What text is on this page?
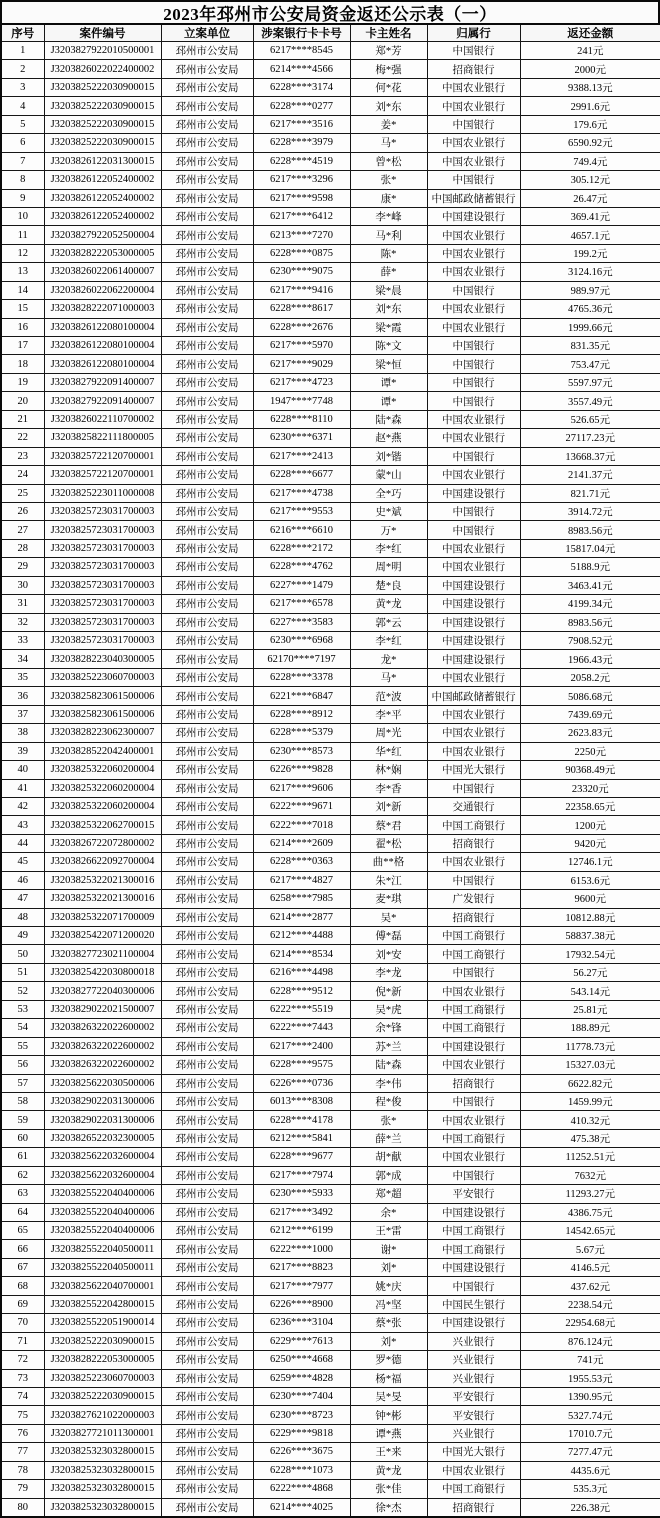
2023年邳州市公安局资金返还公示表（一）
序号	案件编号	立案单位	涉案银行卡卡号	卡主姓名	归属行	返还金额
1	J3203827922010500001	邳州市公安局	6217****8545	郑*芳	中国银行	241元
2	J3203826022022400002	邳州市公安局	6214****4566	梅*强	招商银行	2000元
3	J3203825222030900015	邳州市公安局	6228****3174	何*花	中国农业银行	9388.13元
4	J3203825222030900015	邳州市公安局	6228****0277	刘*东	中国农业银行	2991.6元
5	J3203825222030900015	邳州市公安局	6217****3516	姜*	中国银行	179.6元
6	J3203825222030900015	邳州市公安局	6228****3979	马*	中国农业银行	6590.92元
7	J3203826122031300015	邳州市公安局	6228****4519	曾*松	中国农业银行	749.4元
8	J3203826122052400002	邳州市公安局	6217****3296	张*	中国银行	305.12元
9	J3203826122052400002	邳州市公安局	6217****9598	康*	中国邮政储蓄银行	26.47元
10	J3203826122052400002	邳州市公安局	6217****6412	李*峰	中国建设银行	369.41元
11	J3203827922052500004	邳州市公安局	6213****7270	马*利	中国农业银行	4657.1元
12	J3203828222053000005	邳州市公安局	6228****0875	陈*	中国农业银行	199.2元
13	J3203826022061400007	邳州市公安局	6230****9075	薛*	中国农业银行	3124.16元
14	J3203826022062200004	邳州市公安局	6217****9416	梁*晨	中国银行	989.97元
15	J3203828222071000003	邳州市公安局	6228****8617	刘*东	中国农业银行	4765.36元
16	J3203826122080100004	邳州市公安局	6228****2676	梁*霞	中国农业银行	1999.66元
17	J3203826122080100004	邳州市公安局	6217****5970	陈*文	中国银行	831.35元
18	J3203826122080100004	邳州市公安局	6217****9029	梁*恒	中国银行	753.47元
19	J3203827922091400007	邳州市公安局	6217****4723	谭*	中国银行	5597.97元
20	J3203827922091400007	邳州市公安局	1947****7748	谭*	中国银行	3557.49元
21	J3203826022110700002	邳州市公安局	6228****8110	陆*森	中国农业银行	526.65元
22	J3203825822111800005	邳州市公安局	6230****6371	赵*燕	中国农业银行	27117.23元
23	J3203825722120700001	邳州市公安局	6217****2413	刘*锴	中国银行	13668.37元
24	J3203825722120700001	邳州市公安局	6228****6677	蒙*山	中国农业银行	2141.37元
25	J3203825223011000008	邳州市公安局	6217****4738	全*巧	中国建设银行	821.71元
26	J3203825723031700003	邳州市公安局	6217****9553	史*斌	中国银行	3914.72元
27	J3203825723031700003	邳州市公安局	6216****6610	万*	中国银行	8983.56元
28	J3203825723031700003	邳州市公安局	6228****2172	李*红	中国农业银行	15817.04元
29	J3203825723031700003	邳州市公安局	6228****4762	周*明	中国农业银行	5188.9元
30	J3203825723031700003	邳州市公安局	6227****1479	楚*良	中国建设银行	3463.41元
31	J3203825723031700003	邳州市公安局	6217****6578	黄*龙	中国建设银行	4199.34元
32	J3203825723031700003	邳州市公安局	6227****3583	郭*云	中国建设银行	8983.56元
33	J3203825723031700003	邳州市公安局	6230****6968	李*红	中国建设银行	7908.52元
34	J3203828223040300005	邳州市公安局	62170****7197	龙*	中国建设银行	1966.43元
35	J3203825223060700003	邳州市公安局	6228****3378	马*	中国农业银行	2058.2元
36	J3203825823061500006	邳州市公安局	6221****6847	范*波	中国邮政储蓄银行	5086.68元
37	J3203825823061500006	邳州市公安局	6228****8912	李*平	中国农业银行	7439.69元
38	J3203828223062300007	邳州市公安局	6228****5379	周*光	中国农业银行	2623.83元
39	J3203828522042400001	邳州市公安局	6230****8573	华*红	中国农业银行	2250元
40	J3203825322060200004	邳州市公安局	6226****9828	林*娴	中国光大银行	90368.49元
41	J3203825322060200004	邳州市公安局	6217****9606	李*香	中国银行	23320元
42	J3203825322060200004	邳州市公安局	6222****9671	刘*新	交通银行	22358.65元
43	J3203825322062700015	邳州市公安局	6222****7018	蔡*君	中国工商银行	1200元
44	J3203826722072800002	邳州市公安局	6214****2609	翟*松	招商银行	9420元
45	J3203826622092700004	邳州市公安局	6228****0363	曲**格	中国农业银行	12746.1元
46	J3203825322021300016	邳州市公安局	6217****4827	朱*江	中国银行	6153.6元
47	J3203825322021300016	邳州市公安局	6258****7985	麦*琪	广发银行	9600元
48	J3203825322071700009	邳州市公安局	6214****2877	吴*	招商银行	10812.88元
49	J3203825422071200020	邳州市公安局	6212****4488	傅*磊	中国工商银行	58837.38元
50	J3203827723021100004	邳州市公安局	6214****8534	刘*安	中国工商银行	17932.54元
51	J3203825422030800018	邳州市公安局	6216****4498	李*龙	中国银行	56.27元
52	J3203827722040300006	邳州市公安局	6228****9512	倪*新	中国农业银行	543.14元
53	J3203829022021500007	邳州市公安局	6222****5519	吴*虎	中国工商银行	25.81元
54	J3203826322022600002	邳州市公安局	6222****7443	余*锋	中国工商银行	188.89元
55	J3203826322022600002	邳州市公安局	6217****2400	苏*兰	中国建设银行	11778.73元
56	J3203826322022600002	邳州市公安局	6228****9575	陆*森	中国农业银行	15327.03元
57	J3203825622030500006	邳州市公安局	6226****0736	李*伟	招商银行	6622.82元
58	J3203829022031300006	邳州市公安局	6013****8308	程*俊	中国银行	1459.99元
59	J3203829022031300006	邳州市公安局	6228****4178	张*	中国农业银行	410.32元
60	J3203826522032300005	邳州市公安局	6212****5841	薛*兰	中国工商银行	475.38元
61	J3203825622032600004	邳州市公安局	6228****9677	胡*献	中国农业银行	11252.51元
62	J3203825622032600004	邳州市公安局	6217****7974	郭*成	中国银行	7632元
63	J3203825522040400006	邳州市公安局	6230****5933	郑*超	平安银行	11293.27元
64	J3203825522040400006	邳州市公安局	6217****3492	余*	中国建设银行	4386.75元
65	J3203825522040400006	邳州市公安局	6212****6199	王*雷	中国工商银行	14542.65元
66	J3203825522040500011	邳州市公安局	6222****1000	谢*	中国工商银行	5.67元
67	J3203825522040500011	邳州市公安局	6217****8823	刘*	中国建设银行	4146.5元
68	J3203825622040700001	邳州市公安局	6217****7977	姚*庆	中国银行	437.62元
69	J3203825522042800015	邳州市公安局	6226****8900	冯*坚	中国民生银行	2238.54元
70	J3203825522051900014	邳州市公安局	6236****3104	蔡*张	中国建设银行	22954.68元
71	J3203825222030900015	邳州市公安局	6229****7613	刘*	兴业银行	876.124元
72	J3203828222053000005	邳州市公安局	6250****4668	罗*德	兴业银行	741元
73	J3203825223060700003	邳州市公安局	6259****4828	杨*福	兴业银行	1955.53元
74	J3203825222030900015	邳州市公安局	6230****7404	吴*旻	平安银行	1390.95元
75	J3203827621022000003	邳州市公安局	6230****8723	钟*彬	平安银行	5327.74元
76	J3203827721011300001	邳州市公安局	6229****9818	谭*燕	兴业银行	17010.7元
77	J3203825323032800015	邳州市公安局	6226****3675	王*来	中国光大银行	7277.47元
78	J3203825323032800015	邳州市公安局	6228****1073	黄*龙	中国农业银行	4435.6元
79	J3203825323032800015	邳州市公安局	6222****4868	张*佳	中国工商银行	535.3元
80	J3203825323032800015	邳州市公安局	6214****4025	徐*杰	招商银行	226.38元
